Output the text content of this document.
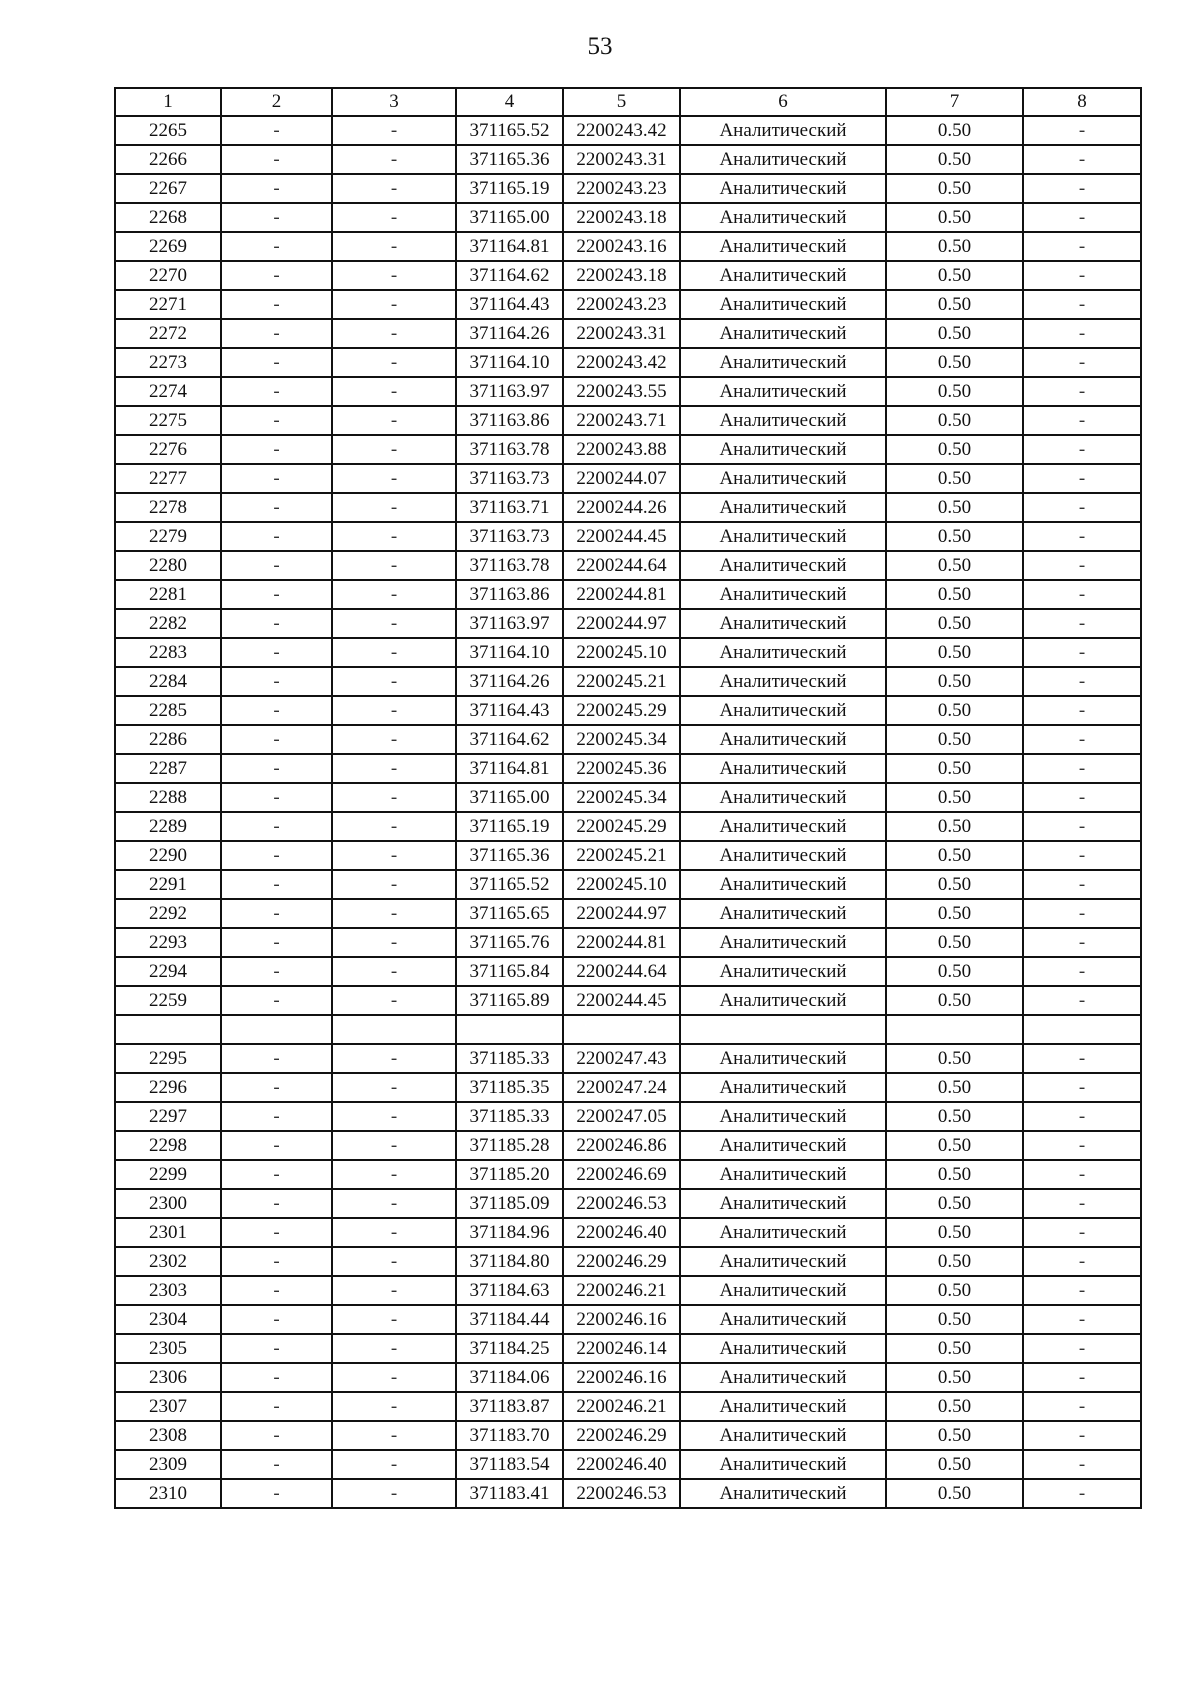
53
1	2	3	4	5	6	7	8
2265	-	-	371165.52	2200243.42	Аналитический	0.50	-
2266	-	-	371165.36	2200243.31	Аналитический	0.50	-
2267	-	-	371165.19	2200243.23	Аналитический	0.50	-
2268	-	-	371165.00	2200243.18	Аналитический	0.50	-
2269	-	-	371164.81	2200243.16	Аналитический	0.50	-
2270	-	-	371164.62	2200243.18	Аналитический	0.50	-
2271	-	-	371164.43	2200243.23	Аналитический	0.50	-
2272	-	-	371164.26	2200243.31	Аналитический	0.50	-
2273	-	-	371164.10	2200243.42	Аналитический	0.50	-
2274	-	-	371163.97	2200243.55	Аналитический	0.50	-
2275	-	-	371163.86	2200243.71	Аналитический	0.50	-
2276	-	-	371163.78	2200243.88	Аналитический	0.50	-
2277	-	-	371163.73	2200244.07	Аналитический	0.50	-
2278	-	-	371163.71	2200244.26	Аналитический	0.50	-
2279	-	-	371163.73	2200244.45	Аналитический	0.50	-
2280	-	-	371163.78	2200244.64	Аналитический	0.50	-
2281	-	-	371163.86	2200244.81	Аналитический	0.50	-
2282	-	-	371163.97	2200244.97	Аналитический	0.50	-
2283	-	-	371164.10	2200245.10	Аналитический	0.50	-
2284	-	-	371164.26	2200245.21	Аналитический	0.50	-
2285	-	-	371164.43	2200245.29	Аналитический	0.50	-
2286	-	-	371164.62	2200245.34	Аналитический	0.50	-
2287	-	-	371164.81	2200245.36	Аналитический	0.50	-
2288	-	-	371165.00	2200245.34	Аналитический	0.50	-
2289	-	-	371165.19	2200245.29	Аналитический	0.50	-
2290	-	-	371165.36	2200245.21	Аналитический	0.50	-
2291	-	-	371165.52	2200245.10	Аналитический	0.50	-
2292	-	-	371165.65	2200244.97	Аналитический	0.50	-
2293	-	-	371165.76	2200244.81	Аналитический	0.50	-
2294	-	-	371165.84	2200244.64	Аналитический	0.50	-
2259	-	-	371165.89	2200244.45	Аналитический	0.50	-

2295	-	-	371185.33	2200247.43	Аналитический	0.50	-
2296	-	-	371185.35	2200247.24	Аналитический	0.50	-
2297	-	-	371185.33	2200247.05	Аналитический	0.50	-
2298	-	-	371185.28	2200246.86	Аналитический	0.50	-
2299	-	-	371185.20	2200246.69	Аналитический	0.50	-
2300	-	-	371185.09	2200246.53	Аналитический	0.50	-
2301	-	-	371184.96	2200246.40	Аналитический	0.50	-
2302	-	-	371184.80	2200246.29	Аналитический	0.50	-
2303	-	-	371184.63	2200246.21	Аналитический	0.50	-
2304	-	-	371184.44	2200246.16	Аналитический	0.50	-
2305	-	-	371184.25	2200246.14	Аналитический	0.50	-
2306	-	-	371184.06	2200246.16	Аналитический	0.50	-
2307	-	-	371183.87	2200246.21	Аналитический	0.50	-
2308	-	-	371183.70	2200246.29	Аналитический	0.50	-
2309	-	-	371183.54	2200246.40	Аналитический	0.50	-
2310	-	-	371183.41	2200246.53	Аналитический	0.50	-
